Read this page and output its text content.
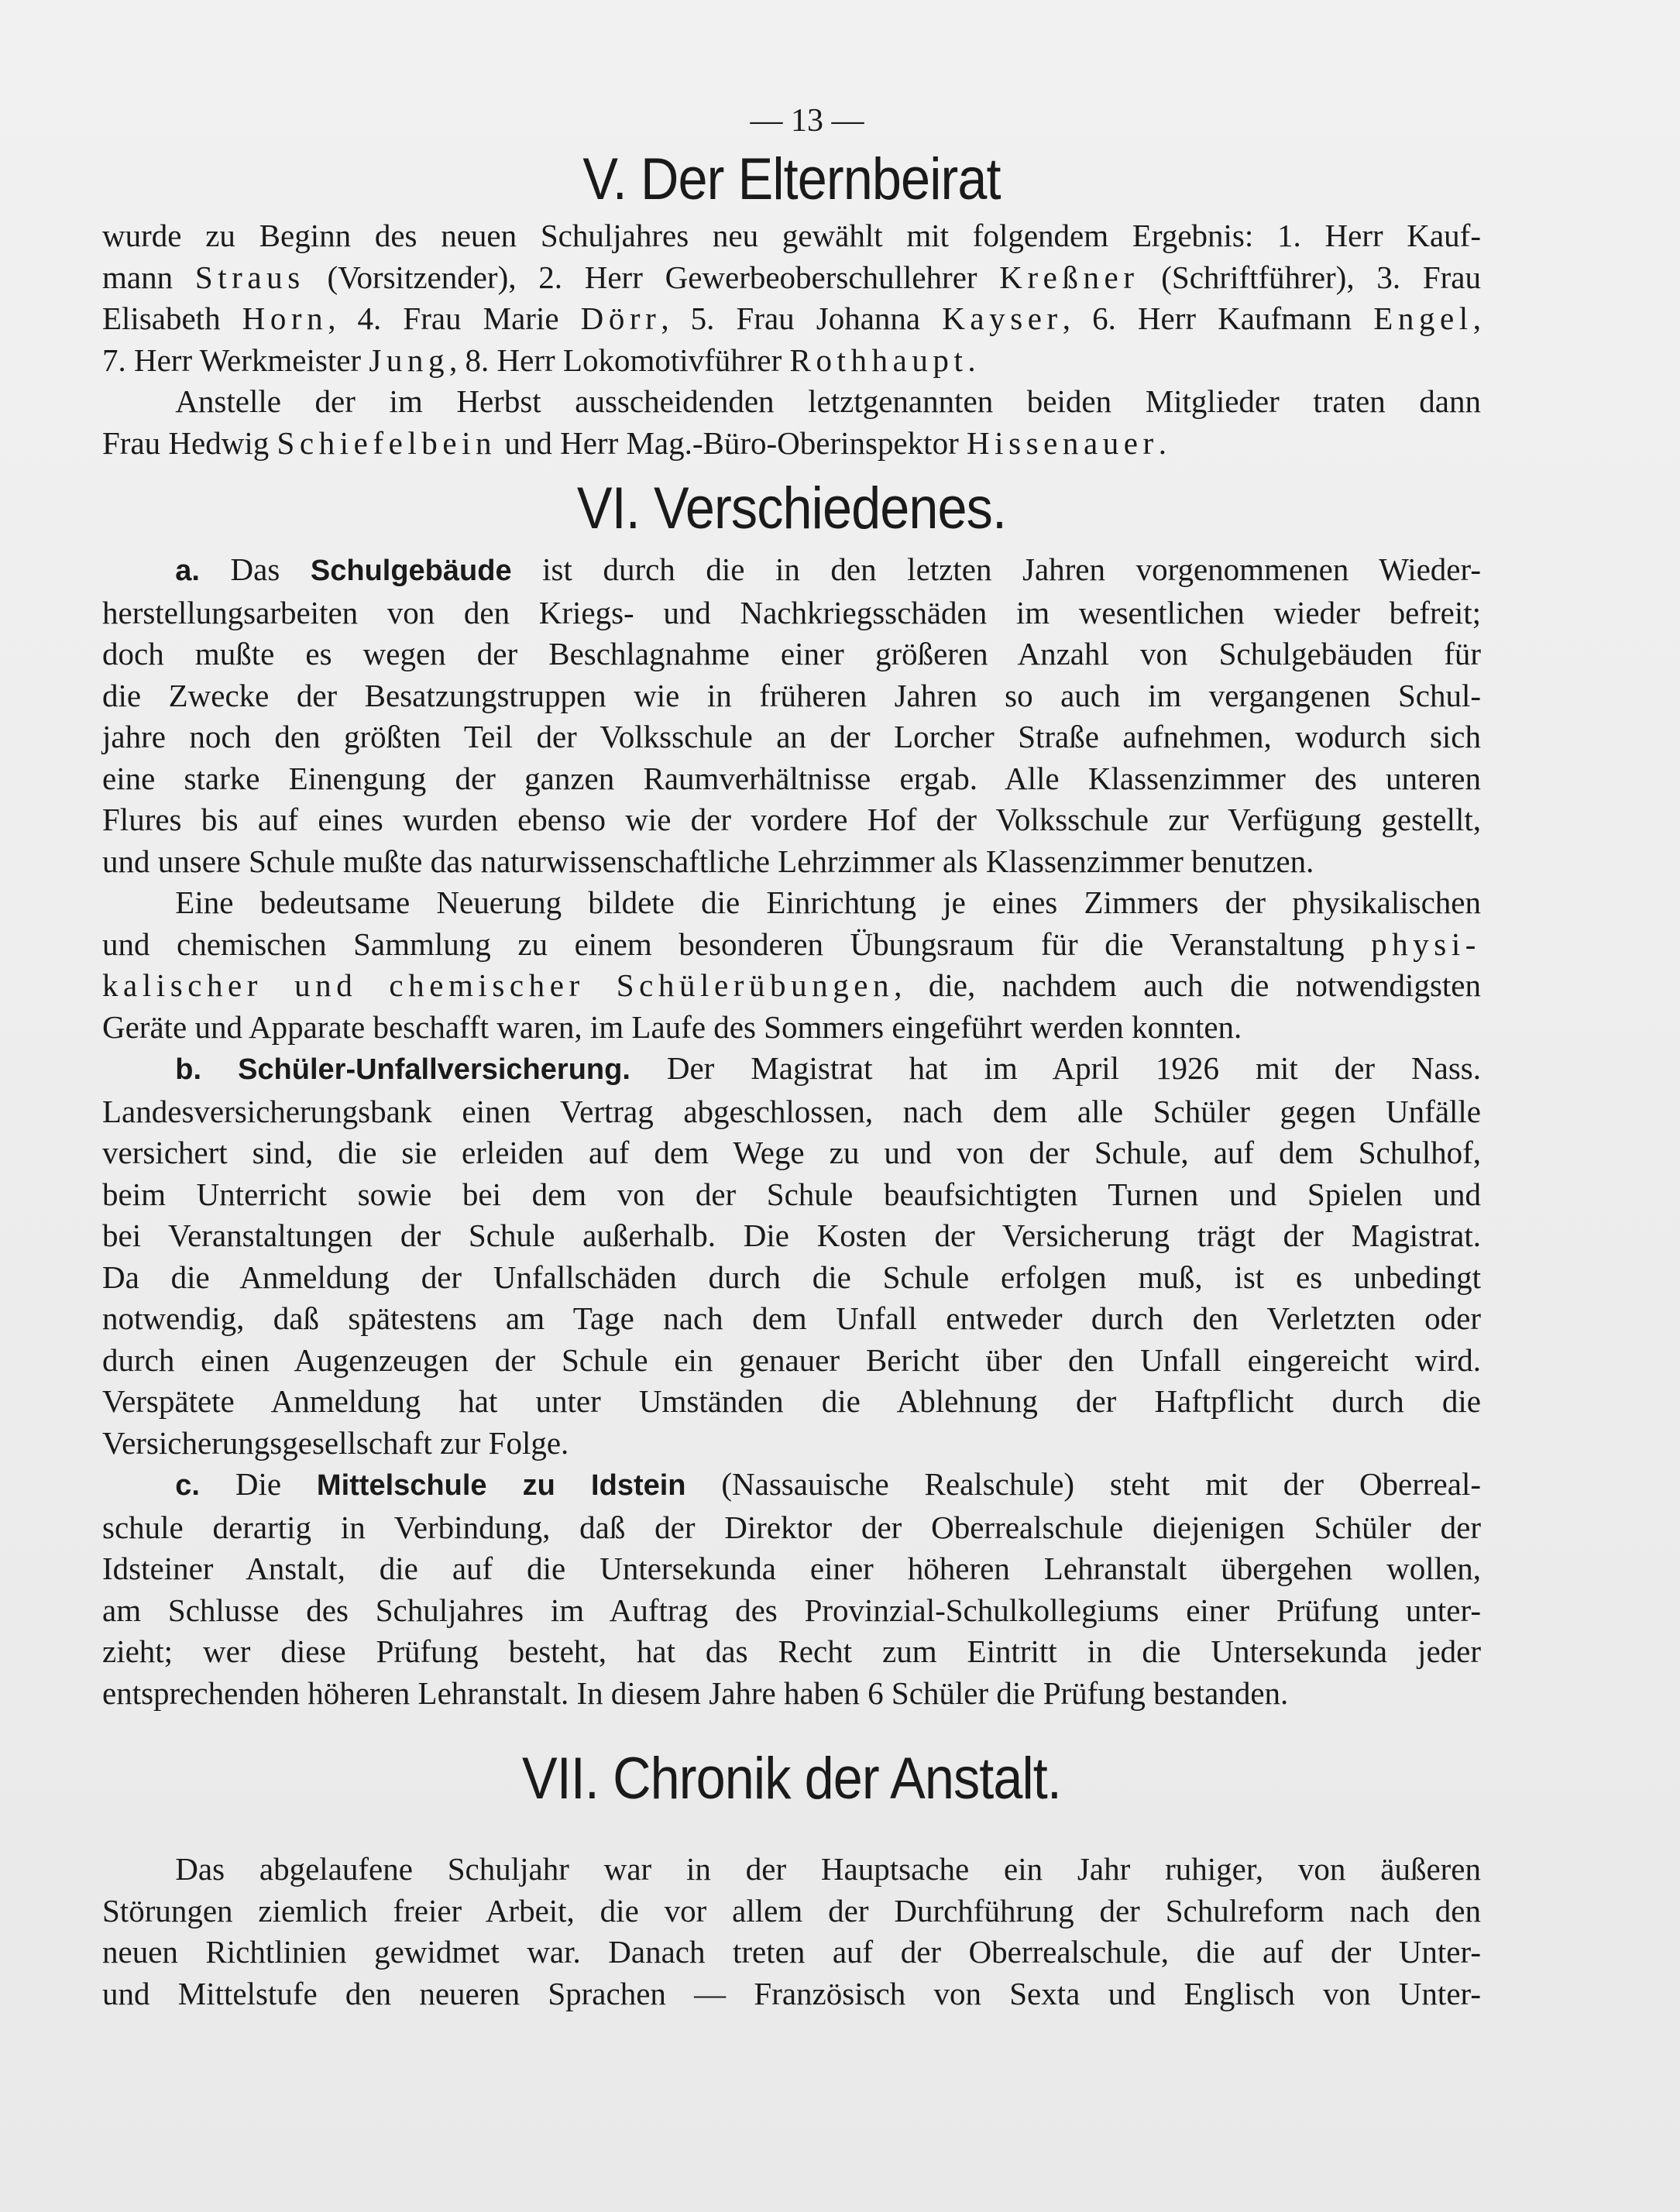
— 13 —
V. Der Elternbeirat

wurde zu Beginn des neuen Schuljahres neu gewählt mit folgendem Ergebnis: 1. Herr Kauf-

mann Straus (Vorsitzender), 2. Herr Gewerbeoberschullehrer Kreßner (Schriftführer), 3. Frau

Elisabeth Horn, 4. Frau Marie Dörr, 5. Frau Johanna Kayser, 6. Herr Kaufmann Engel,

7. Herr Werkmeister Jung, 8. Herr Lokomotivführer Rothhaupt.

Anstelle der im Herbst ausscheidenden letztgenannten beiden Mitglieder traten dann

Frau Hedwig Schiefelbein und Herr Mag.-Büro-Oberinspektor Hissenauer.

VI. Verschiedenes.

a. Das Schulgebäude ist durch die in den letzten Jahren vorgenommenen Wieder-

herstellungsarbeiten von den Kriegs- und Nachkriegsschäden im wesentlichen wieder befreit;

doch mußte es wegen der Beschlagnahme einer größeren Anzahl von Schulgebäuden für

die Zwecke der Besatzungstruppen wie in früheren Jahren so auch im vergangenen Schul-

jahre noch den größten Teil der Volksschule an der Lorcher Straße aufnehmen, wodurch sich

eine starke Einengung der ganzen Raumverhältnisse ergab. Alle Klassenzimmer des unteren

Flures bis auf eines wurden ebenso wie der vordere Hof der Volksschule zur Verfügung gestellt,

und unsere Schule mußte das naturwissenschaftliche Lehrzimmer als Klassenzimmer benutzen.

Eine bedeutsame Neuerung bildete die Einrichtung je eines Zimmers der physikalischen

und chemischen Sammlung zu einem besonderen Übungsraum für die Veranstaltung physi-

kalischer und chemischer Schülerübungen, die, nachdem auch die notwendigsten

Geräte und Apparate beschafft waren, im Laufe des Sommers eingeführt werden konnten.

b. Schüler-Unfallversicherung. Der Magistrat hat im April 1926 mit der Nass.

Landesversicherungsbank einen Vertrag abgeschlossen, nach dem alle Schüler gegen Unfälle

versichert sind, die sie erleiden auf dem Wege zu und von der Schule, auf dem Schulhof,

beim Unterricht sowie bei dem von der Schule beaufsichtigten Turnen und Spielen und

bei Veranstaltungen der Schule außerhalb. Die Kosten der Versicherung trägt der Magistrat.

Da die Anmeldung der Unfallschäden durch die Schule erfolgen muß, ist es unbedingt

notwendig, daß spätestens am Tage nach dem Unfall entweder durch den Verletzten oder

durch einen Augenzeugen der Schule ein genauer Bericht über den Unfall eingereicht wird.

Verspätete Anmeldung hat unter Umständen die Ablehnung der Haftpflicht durch die

Versicherungsgesellschaft zur Folge.

c. Die Mittelschule zu Idstein (Nassauische Realschule) steht mit der Oberreal-

schule derartig in Verbindung, daß der Direktor der Oberrealschule diejenigen Schüler der

Idsteiner Anstalt, die auf die Untersekunda einer höheren Lehranstalt übergehen wollen,

am Schlusse des Schuljahres im Auftrag des Provinzial-Schulkollegiums einer Prüfung unter-

zieht; wer diese Prüfung besteht, hat das Recht zum Eintritt in die Untersekunda jeder

entsprechenden höheren Lehranstalt. In diesem Jahre haben 6 Schüler die Prüfung bestanden.

VII. Chronik der Anstalt.

Das abgelaufene Schuljahr war in der Hauptsache ein Jahr ruhiger, von äußeren

Störungen ziemlich freier Arbeit, die vor allem der Durchführung der Schulreform nach den

neuen Richtlinien gewidmet war. Danach treten auf der Oberrealschule, die auf der Unter-

und Mittelstufe den neueren Sprachen — Französisch von Sexta und Englisch von Unter-
